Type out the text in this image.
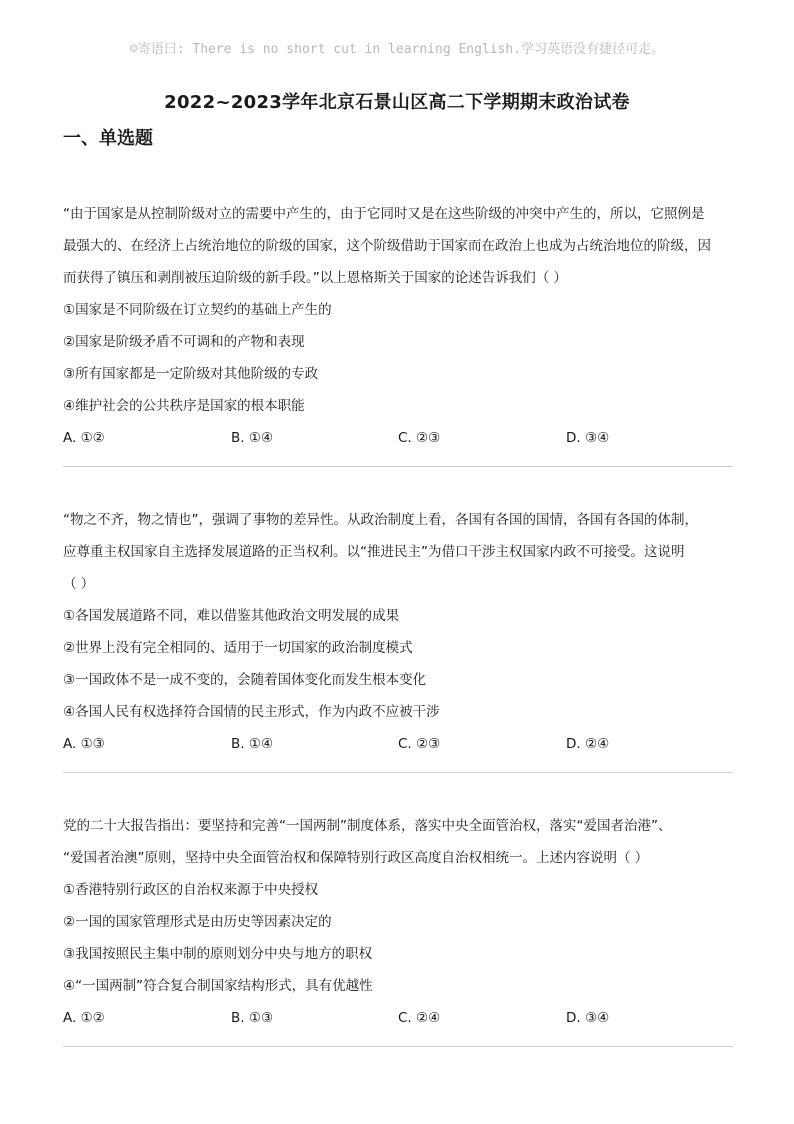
☺寄语曰: There is no short cut in learning English.学习英语没有捷径可走。
2022~2023学年北京石景山区高二下学期期末政治试卷
一、单选题

“由于国家是从控制阶级对立的需要中产生的，由于它同时又是在这些阶级的冲突中产生的，所以，它照例是

最强大的、在经济上占统治地位的阶级的国家，这个阶级借助于国家而在政治上也成为占统治地位的阶级，因

而获得了镇压和剥削被压迫阶级的新手段。”以上恩格斯关于国家的论述告诉我们（ ）

①国家是不同阶级在订立契约的基础上产生的

②国家是阶级矛盾不可调和的产物和表现

③所有国家都是一定阶级对其他阶级的专政

④维护社会的公共秩序是国家的根本职能

A. ①②	B. ①④	C. ②③	D. ③④

“物之不齐，物之情也”，强调了事物的差异性。从政治制度上看，各国有各国的国情，各国有各国的体制，

应尊重主权国家自主选择发展道路的正当权利。以“推进民主”为借口干涉主权国家内政不可接受。这说明

（ ）

①各国发展道路不同，难以借鉴其他政治文明发展的成果

②世界上没有完全相同的、适用于一切国家的政治制度模式

③一国政体不是一成不变的，会随着国体变化而发生根本变化

④各国人民有权选择符合国情的民主形式，作为内政不应被干涉

A. ①③	B. ①④	C. ②③	D. ②④

党的二十大报告指出：要坚持和完善“一国两制”制度体系，落实中央全面管治权，落实“爱国者治港”、

“爱国者治澳”原则，坚持中央全面管治权和保障特别行政区高度自治权相统一。上述内容说明（ ）

①香港特别行政区的自治权来源于中央授权

②一国的国家管理形式是由历史等因素决定的

③我国按照民主集中制的原则划分中央与地方的职权

④“一国两制”符合复合制国家结构形式，具有优越性

A. ①②	B. ①③	C. ②④	D. ③④
